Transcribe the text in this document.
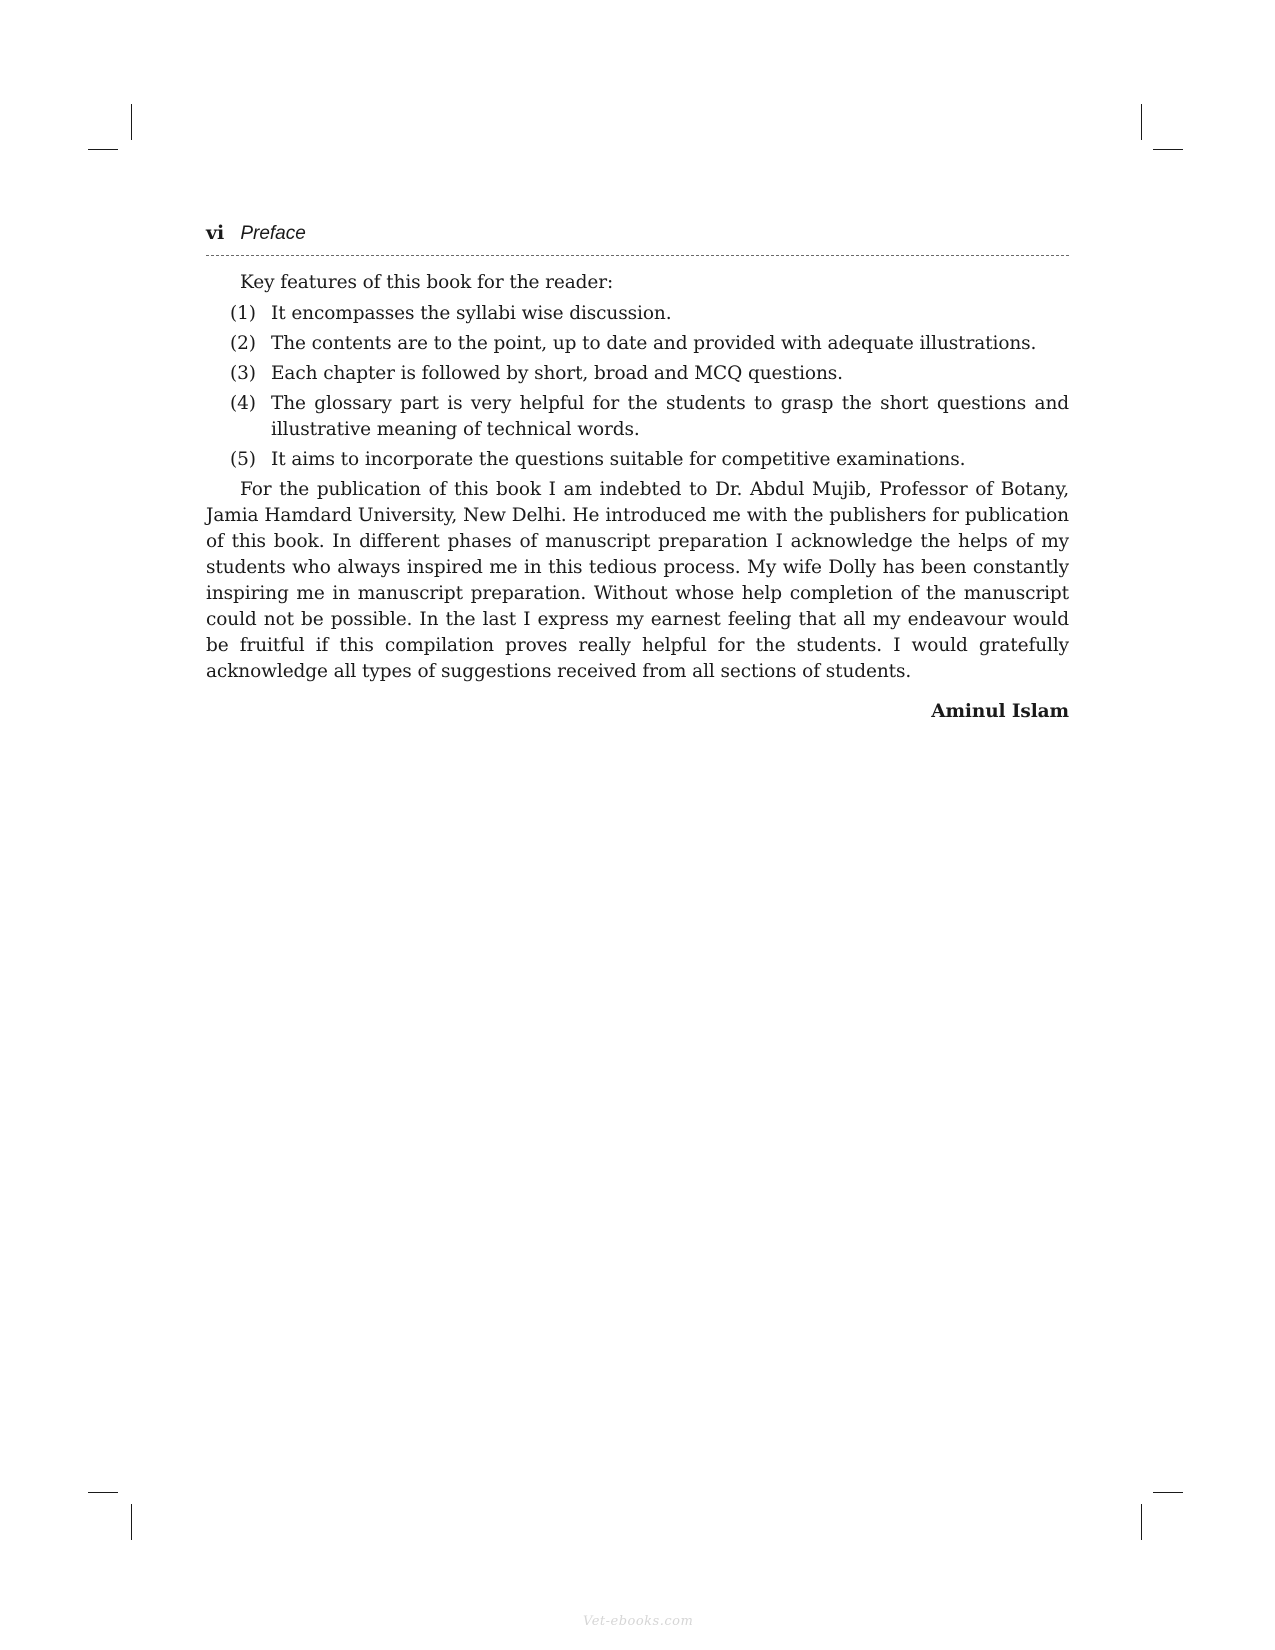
vi Preface

Key features of this book for the reader:

(1) It encompasses the syllabi wise discussion.
(2) The contents are to the point, up to date and provided with adequate illustrations.
(3) Each chapter is followed by short, broad and MCQ questions.
(4) The glossary part is very helpful for the students to grasp the short questions and illustrative meaning of technical words.
(5) It aims to incorporate the questions suitable for competitive examinations.

For the publication of this book I am indebted to Dr. Abdul Mujib, Professor of Botany, Jamia Hamdard University, New Delhi. He introduced me with the publishers for publication of this book. In different phases of manuscript preparation I acknowledge the helps of my students who always inspired me in this tedious process. My wife Dolly has been constantly inspiring me in manuscript preparation. Without whose help completion of the manuscript could not be possible. In the last I express my earnest feeling that all my endeavour would be fruitful if this compilation proves really helpful for the students. I would gratefully acknowledge all types of suggestions received from all sections of students.

Aminul Islam

Vet-ebooks.com
